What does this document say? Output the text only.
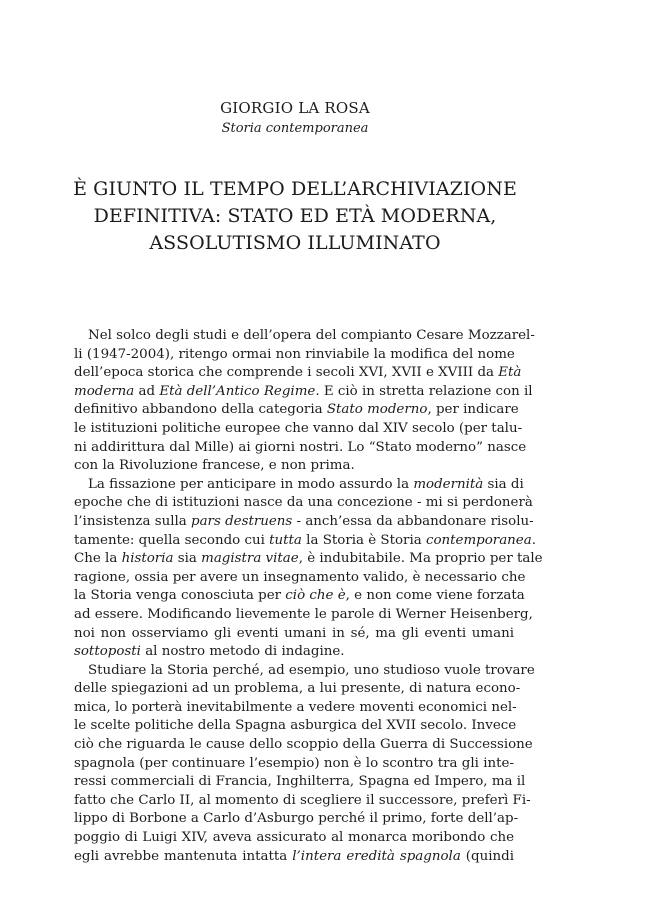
GIORGIO LA ROSA
Storia contemporanea
È GIUNTO IL TEMPO DELL’ARCHIVIAZIONE
DEFINITIVA: STATO ED ETÀ MODERNA,
ASSOLUTISMO ILLUMINATO
Nel solco degli studi e dell’opera del compianto Cesare Mozzarel-
li (1947-2004), ritengo ormai non rinviabile la modifica del nome
dell’epoca storica che comprende i secoli XVI, XVII e XVIII da Età
moderna ad Età dell’Antico Regime. E ciò in stretta relazione con il
definitivo abbandono della categoria Stato moderno, per indicare
le istituzioni politiche europee che vanno dal XIV secolo (per talu-
ni addirittura dal Mille) ai giorni nostri. Lo “Stato moderno” nasce
con la Rivoluzione francese, e non prima.
La fissazione per anticipare in modo assurdo la modernità sia di
epoche che di istituzioni nasce da una concezione - mi si perdonerà
l’insistenza sulla pars destruens - anch’essa da abbandonare risolu-
tamente: quella secondo cui tutta la Storia è Storia contemporanea.
Che la historia sia magistra vitae, è indubitabile. Ma proprio per tale
ragione, ossia per avere un insegnamento valido, è necessario che
la Storia venga conosciuta per ciò che è, e non come viene forzata
ad essere. Modificando lievemente le parole di Werner Heisenberg,
noi non osserviamo gli eventi umani in sé, ma gli eventi umani
sottoposti al nostro metodo di indagine.
Studiare la Storia perché, ad esempio, uno studioso vuole trovare
delle spiegazioni ad un problema, a lui presente, di natura econo-
mica, lo porterà inevitabilmente a vedere moventi economici nel-
le scelte politiche della Spagna asburgica del XVII secolo. Invece
ciò che riguarda le cause dello scoppio della Guerra di Successione
spagnola (per continuare l’esempio) non è lo scontro tra gli inte-
ressi commerciali di Francia, Inghilterra, Spagna ed Impero, ma il
fatto che Carlo II, al momento di scegliere il successore, preferì Fi-
lippo di Borbone a Carlo d’Asburgo perché il primo, forte dell’ap-
poggio di Luigi XIV, aveva assicurato al monarca moribondo che
egli avrebbe mantenuta intatta l’intera eredità spagnola (quindi
